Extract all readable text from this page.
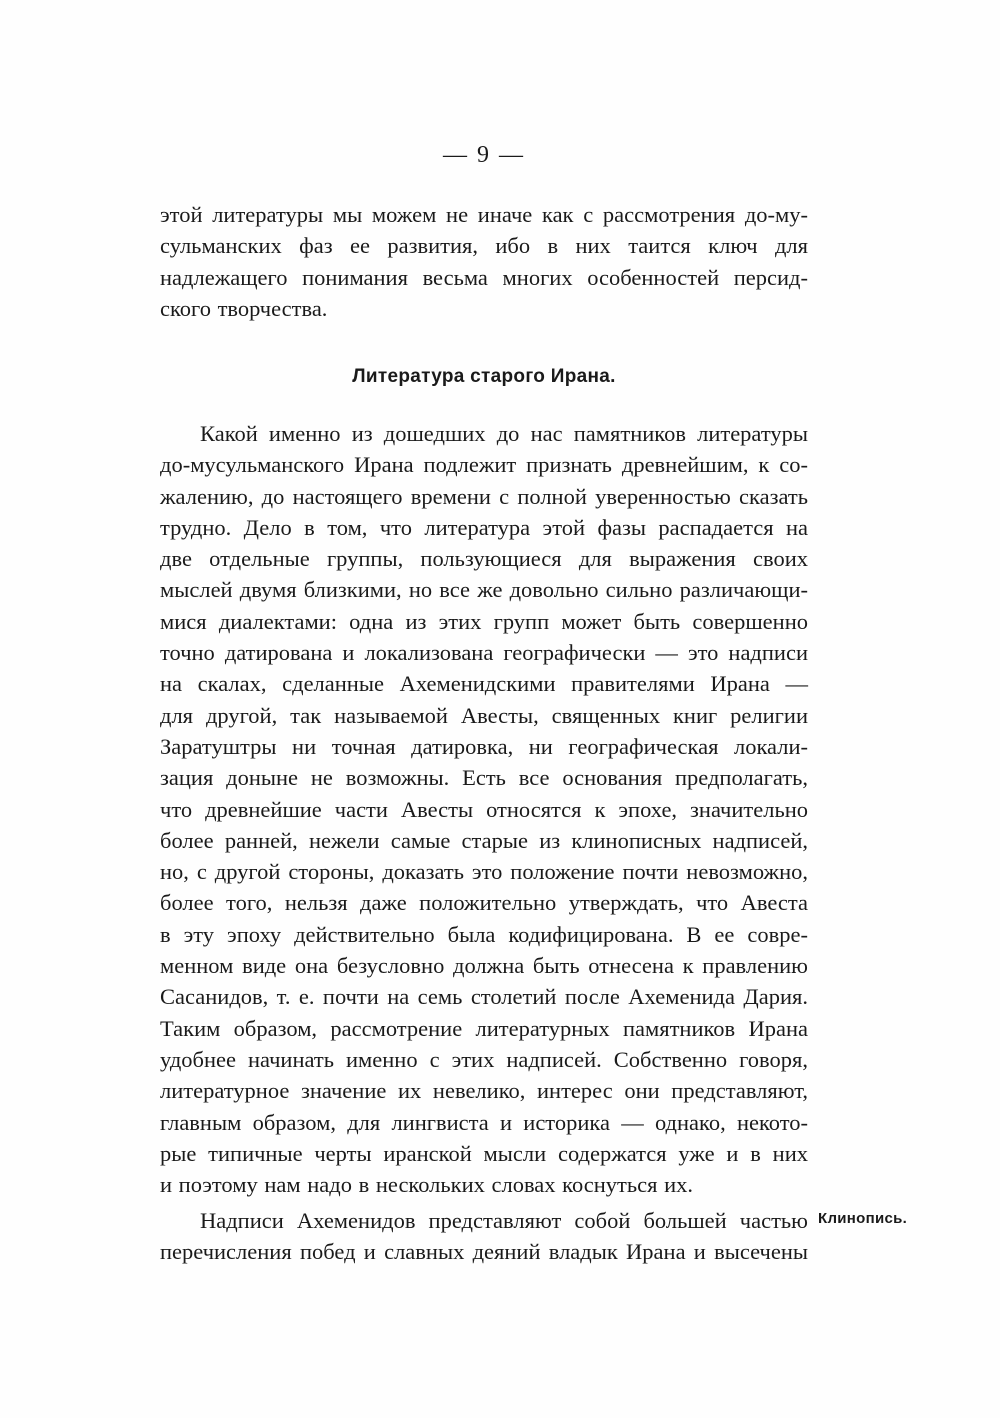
— 9 —
этой литературы мы можем не иначе как с рассмотрения до-му-
сульманских фаз ее развития, ибо в них таится ключ для
надлежащего понимания весьма многих особенностей персид-
ского творчества.
Литература старого Ирана.
Какой именно из дошедших до нас памятников литературы
до-мусульманского Ирана подлежит признать древнейшим, к со-
жалению, до настоящего времени с полной уверенностью сказать
трудно. Дело в том, что литература этой фазы распадается на
две отдельные группы, пользующиеся для выражения своих
мыслей двумя близкими, но все же довольно сильно различающи-
мися диалектами: одна из этих групп может быть совершенно
точно датирована и локализована географически — это надписи
на скалах, сделанные Ахеменидскими правителями Ирана —
для другой, так называемой Авесты, священных книг религии
Заратуштры ни точная датировка, ни географическая локали-
зация доныне не возможны. Есть все основания предполагать,
что древнейшие части Авесты относятся к эпохе, значительно
более ранней, нежели самые старые из клинописных надписей,
но, с другой стороны, доказать это положение почти невозможно,
более того, нельзя даже положительно утверждать, что Авеста
в эту эпоху действительно была кодифицирована. В ее совре-
менном виде она безусловно должна быть отнесена к правлению
Сасанидов, т. е. почти на семь столетий после Ахеменида Дария.
Таким образом, рассмотрение литературных памятников Ирана
удобнее начинать именно с этих надписей. Собственно говоря,
литературное значение их невелико, интерес они представляют,
главным образом, для лингвиста и историка — однако, некото-
рые типичные черты иранской мысли содержатся уже и в них
и поэтому нам надо в нескольких словах коснуться их.
Надписи Ахеменидов представляют собой большей частью
перечисления побед и славных деяний владык Ирана и высечены
Клинопись.
